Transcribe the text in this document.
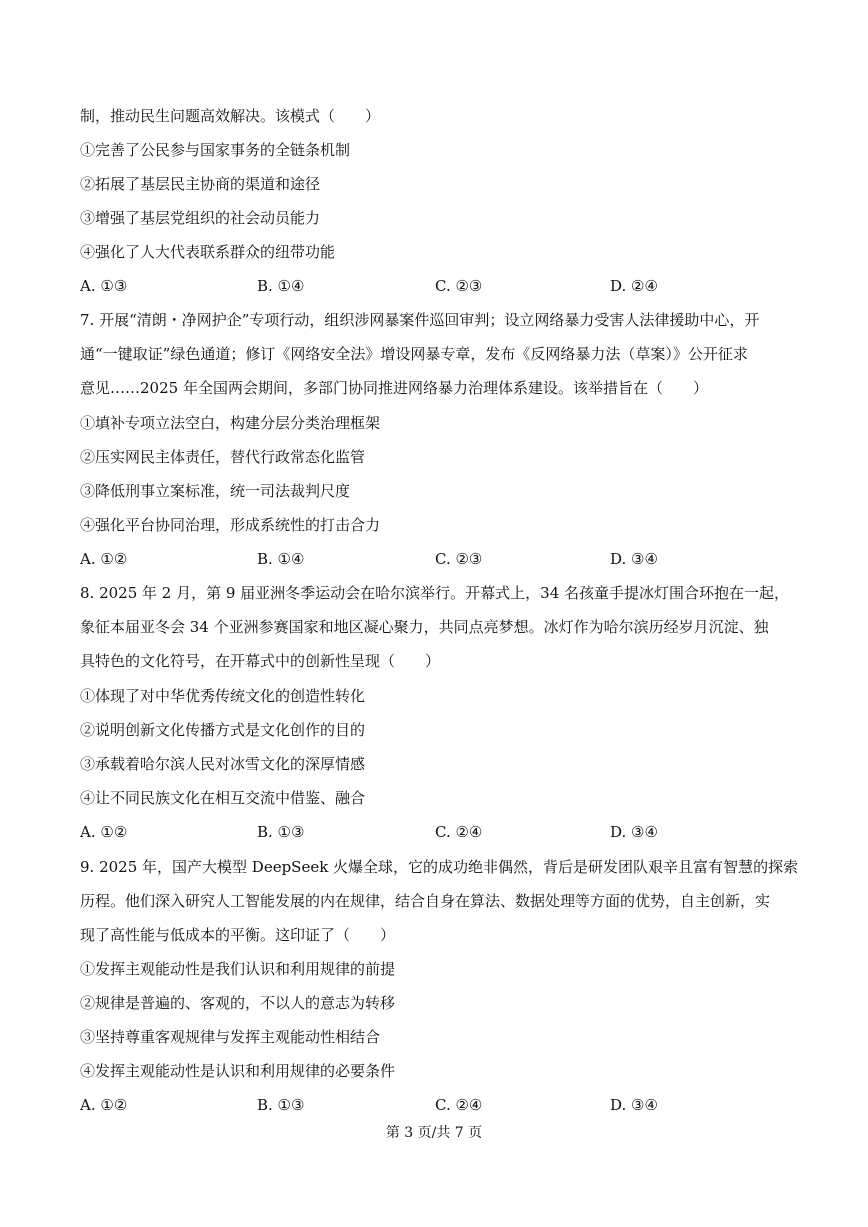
制，推动民生问题高效解决。该模式（　　）
①完善了公民参与国家事务的全链条机制
②拓展了基层民主协商的渠道和途径
③增强了基层党组织的社会动员能力
④强化了人大代表联系群众的纽带功能
A. ①③	B. ①④	C. ②③	D. ②④
7. 开展“清朗・净网护企”专项行动，组织涉网暴案件巡回审判；设立网络暴力受害人法律援助中心，开
通“一键取证”绿色通道；修订《网络安全法》增设网暴专章，发布《反网络暴力法（草案）》公开征求
意见……2025 年全国两会期间，多部门协同推进网络暴力治理体系建设。该举措旨在（　　）
①填补专项立法空白，构建分层分类治理框架
②压实网民主体责任，替代行政常态化监管
③降低刑事立案标准，统一司法裁判尺度
④强化平台协同治理，形成系统性的打击合力
A. ①②	B. ①④	C. ②③	D. ③④
8. 2025 年 2 月，第 9 届亚洲冬季运动会在哈尔滨举行。开幕式上，34 名孩童手提冰灯围合环抱在一起，
象征本届亚冬会 34 个亚洲参赛国家和地区凝心聚力，共同点亮梦想。冰灯作为哈尔滨历经岁月沉淀、独
具特色的文化符号，在开幕式中的创新性呈现（　　）
①体现了对中华优秀传统文化的创造性转化
②说明创新文化传播方式是文化创作的目的
③承载着哈尔滨人民对冰雪文化的深厚情感
④让不同民族文化在相互交流中借鉴、融合
A. ①②	B. ①③	C. ②④	D. ③④
9. 2025 年，国产大模型 DeepSeek 火爆全球，它的成功绝非偶然，背后是研发团队艰辛且富有智慧的探索
历程。他们深入研究人工智能发展的内在规律，结合自身在算法、数据处理等方面的优势，自主创新，实
现了高性能与低成本的平衡。这印证了（　　）
①发挥主观能动性是我们认识和利用规律的前提
②规律是普遍的、客观的，不以人的意志为转移
③坚持尊重客观规律与发挥主观能动性相结合
④发挥主观能动性是认识和利用规律的必要条件
A. ①②	B. ①③	C. ②④	D. ③④
第 3 页/共 7 页
